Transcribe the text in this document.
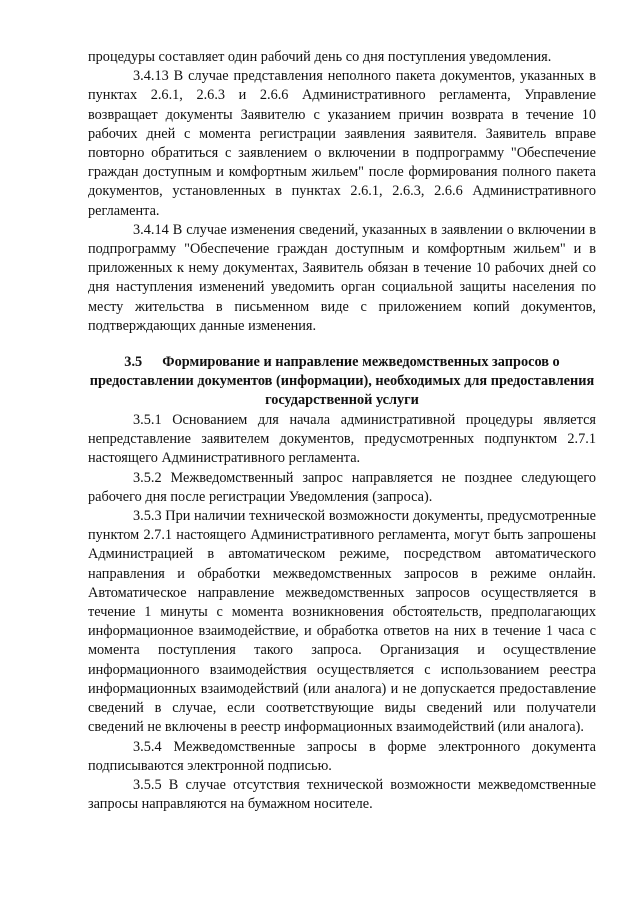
процедуры составляет один рабочий день со дня поступления уведомления.

3.4.13 В случае представления неполного пакета документов, указанных в пунктах 2.6.1, 2.6.3 и 2.6.6 Административного регламента, Управление возвращает документы Заявителю с указанием причин возврата в течение 10 рабочих дней с момента регистрации заявления заявителя. Заявитель вправе повторно обратиться с заявлением о включении в подпрограмму "Обеспечение граждан доступным и комфортным жильем" после формирования полного пакета документов, установленных в пунктах 2.6.1, 2.6.3, 2.6.6 Административного регламента.

3.4.14 В случае изменения сведений, указанных в заявлении о включении в подпрограмму "Обеспечение граждан доступным и комфортным жильем" и в приложенных к нему документах, Заявитель обязан в течение 10 рабочих дней со дня наступления изменений уведомить орган социальной защиты населения по месту жительства в письменном виде с приложением копий документов, подтверждающих данные изменения.

3.5 Формирование и направление межведомственных запросов о предоставлении документов (информации), необходимых для предоставления государственной услуги

3.5.1 Основанием для начала административной процедуры является непредставление заявителем документов, предусмотренных подпунктом 2.7.1 настоящего Административного регламента.

3.5.2 Межведомственный запрос направляется не позднее следующего рабочего дня после регистрации Уведомления (запроса).

3.5.3 При наличии технической возможности документы, предусмотренные пунктом 2.7.1 настоящего Административного регламента, могут быть запрошены Администрацией в автоматическом режиме, посредством автоматического направления и обработки межведомственных запросов в режиме онлайн. Автоматическое направление межведомственных запросов осуществляется в течение 1 минуты с момента возникновения обстоятельств, предполагающих информационное взаимодействие, и обработка ответов на них в течение 1 часа с момента поступления такого запроса. Организация и осуществление информационного взаимодействия осуществляется с использованием реестра информационных взаимодействий (или аналога) и не допускается предоставление сведений в случае, если соответствующие виды сведений или получатели сведений не включены в реестр информационных взаимодействий (или аналога).

3.5.4 Межведомственные запросы в форме электронного документа подписываются электронной подписью.

3.5.5 В случае отсутствия технической возможности межведомственные запросы направляются на бумажном носителе.
